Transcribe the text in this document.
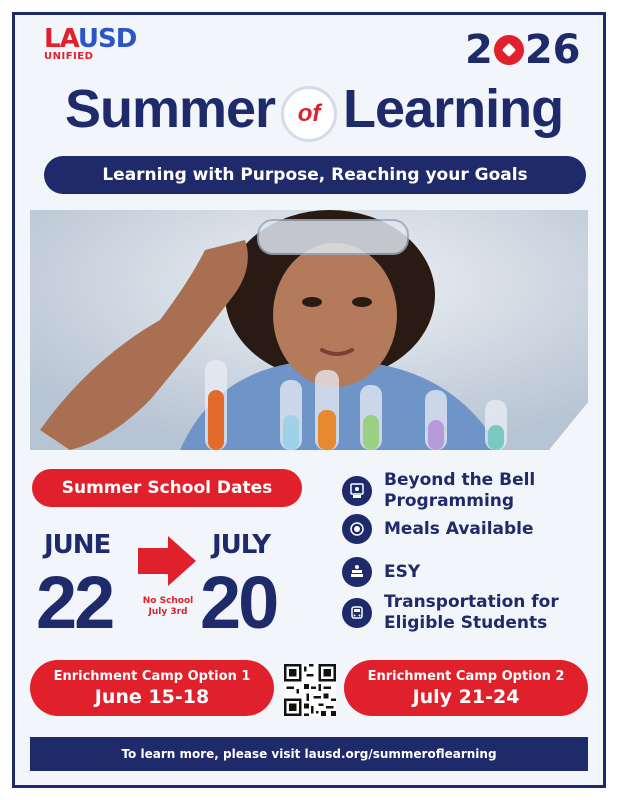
LAUSD
UNIFIED	2 26
Summer of Learning
Learning with Purpose, Reaching your Goals
Summer School Dates
JUNE
22	No School
July 3rd
JULY
20
Beyond the Bell
Programming
Meals Available
ESY
Transportation for
Eligible Students
Enrichment Camp Option 1
June 15-18
Enrichment Camp Option 2
July 21-24
To learn more, please visit lausd.org/summeroflearning
